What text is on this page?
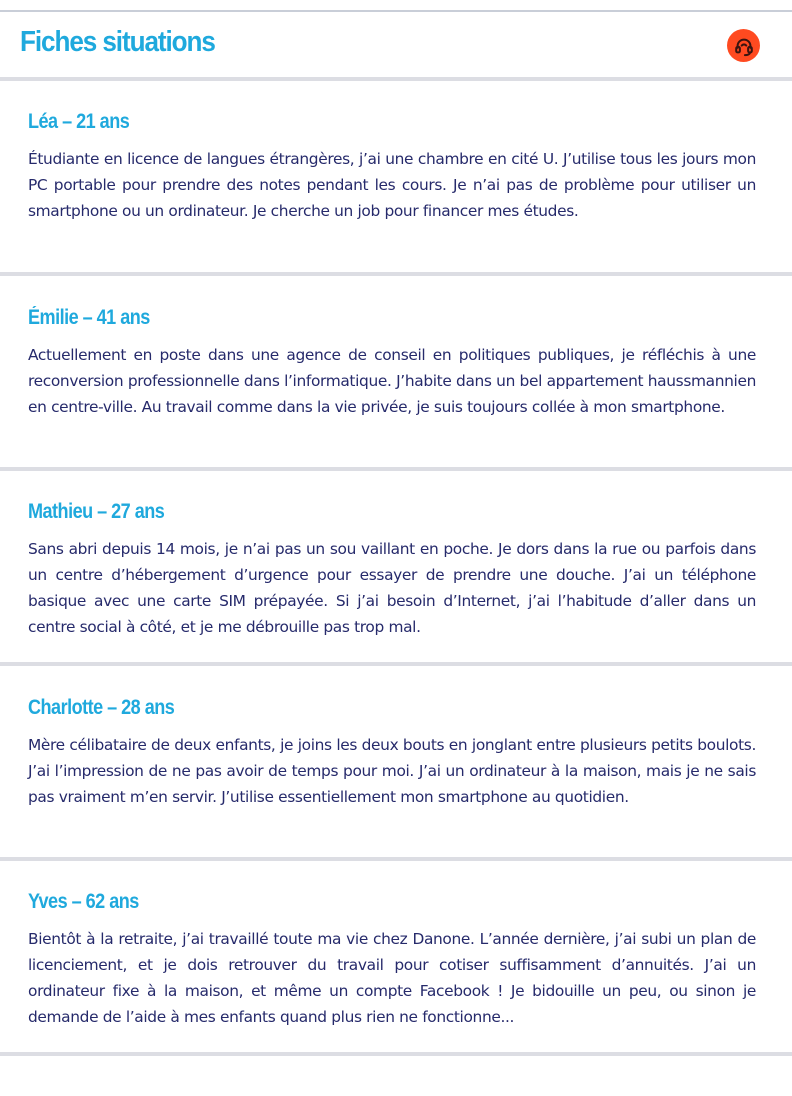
Fiches situations
Léa – 21 ans

Étudiante en licence de langues étrangères, j’ai une chambre en cité U. J’utilise tous les jours mon PC portable pour prendre des notes pendant les cours. Je n’ai pas de problème pour utiliser un smartphone ou un ordinateur. Je cherche un job pour financer mes études.

Émilie – 41 ans

Actuellement en poste dans une agence de conseil en politiques publiques, je réfléchis à une reconversion professionnelle dans l’informatique. J’habite dans un bel appartement haussmannien en centre-ville. Au travail comme dans la vie privée, je suis toujours collée à mon smartphone.

Mathieu – 27 ans

Sans abri depuis 14 mois, je n’ai pas un sou vaillant en poche. Je dors dans la rue ou parfois dans un centre d’hébergement d’urgence pour essayer de prendre une douche. J’ai un téléphone basique avec une carte SIM prépayée. Si j’ai besoin d’Internet, j’ai l’habitude d’aller dans un centre social à côté, et je me débrouille pas trop mal.

Charlotte – 28 ans

Mère célibataire de deux enfants, je joins les deux bouts en jonglant entre plusieurs petits boulots. J’ai l’impression de ne pas avoir de temps pour moi. J’ai un ordinateur à la maison, mais je ne sais pas vraiment m’en servir. J’utilise essentiellement mon smartphone au quotidien.

Yves – 62 ans

Bientôt à la retraite, j’ai travaillé toute ma vie chez Danone. L’année dernière, j’ai subi un plan de licenciement, et je dois retrouver du travail pour cotiser suffisamment d’annuités. J’ai un ordinateur fixe à la maison, et même un compte Facebook ! Je bidouille un peu, ou sinon je demande de l’aide à mes enfants quand plus rien ne fonctionne...
